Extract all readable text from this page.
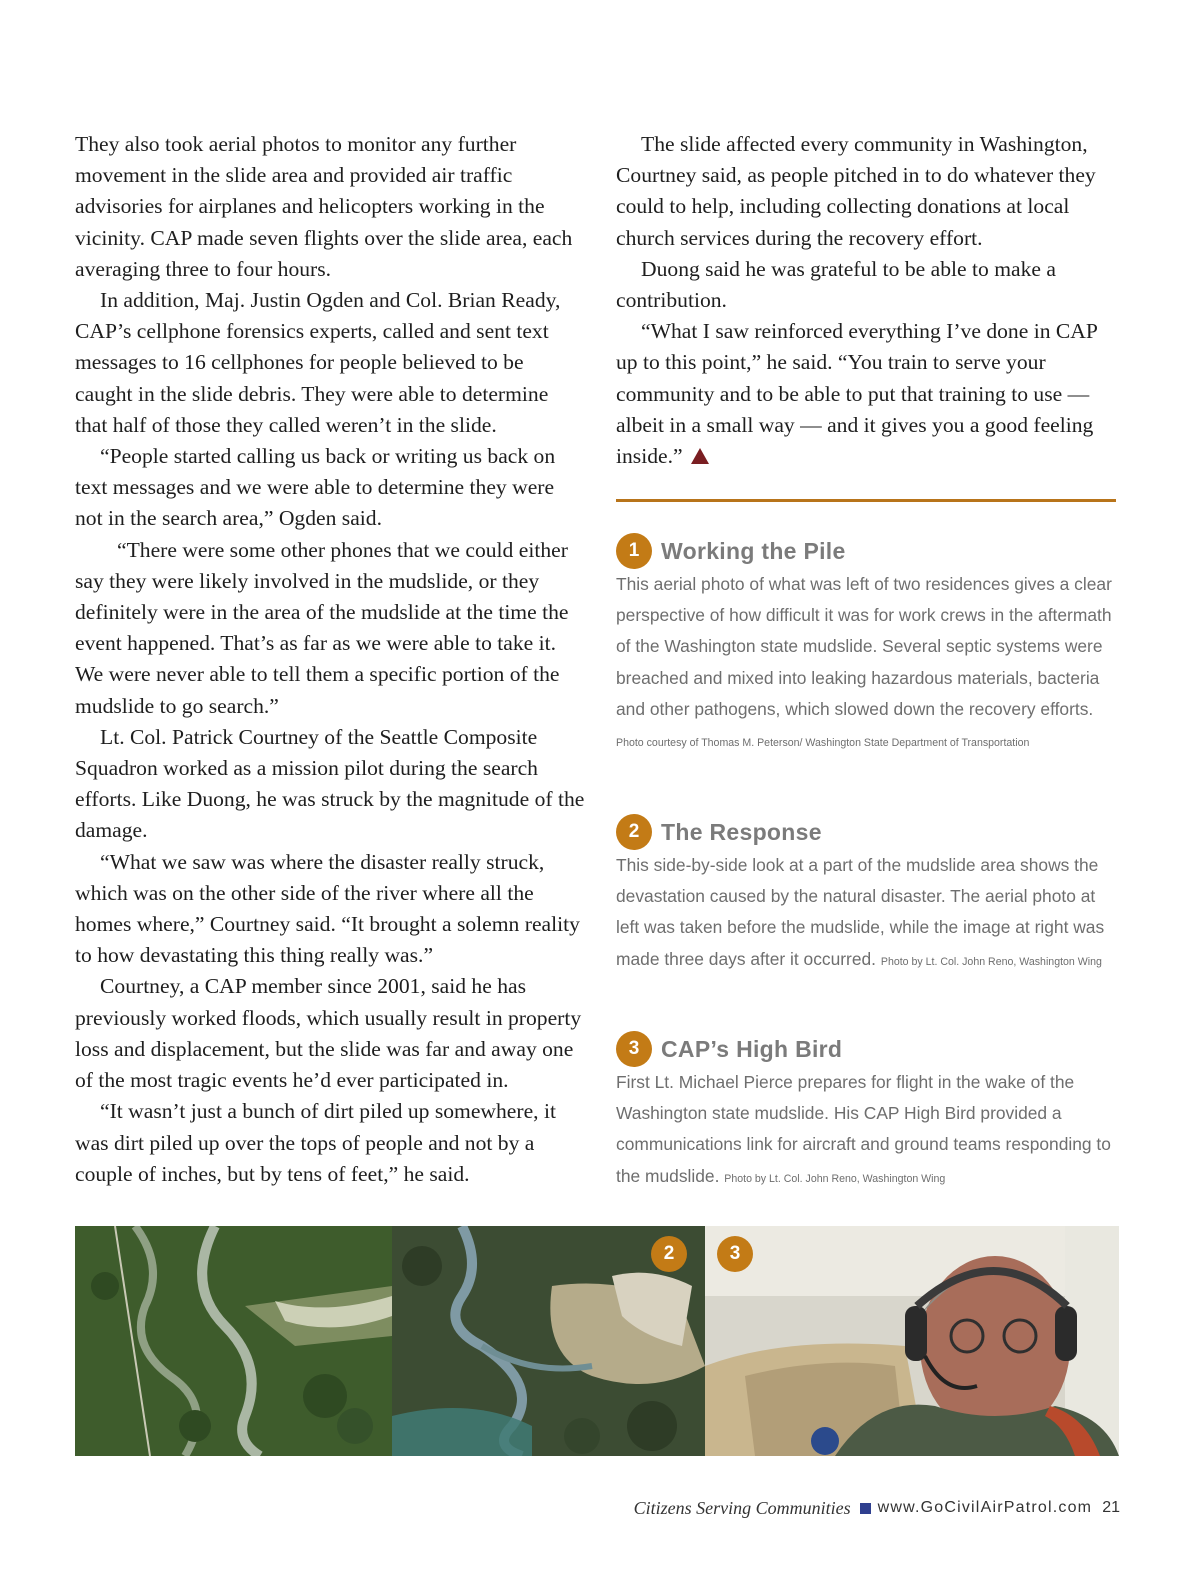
They also took aerial photos to monitor any further movement in the slide area and provided air traffic advisories for airplanes and helicopters working in the vicinity. CAP made seven flights over the slide area, each averaging three to four hours.

In addition, Maj. Justin Ogden and Col. Brian Ready, CAP’s cellphone forensics experts, called and sent text messages to 16 cellphones for people believed to be caught in the slide debris. They were able to determine that half of those they called weren’t in the slide.

“People started calling us back or writing us back on text messages and we were able to determine they were not in the search area,” Ogden said.

“There were some other phones that we could either say they were likely involved in the mudslide, or they definitely were in the area of the mudslide at the time the event happened. That’s as far as we were able to take it. We were never able to tell them a specific portion of the mudslide to go search.”

Lt. Col. Patrick Courtney of the Seattle Composite Squadron worked as a mission pilot during the search efforts. Like Duong, he was struck by the magnitude of the damage.

“What we saw was where the disaster really struck, which was on the other side of the river where all the homes where,” Courtney said. “It brought a solemn reality to how devastating this thing really was.”

Courtney, a CAP member since 2001, said he has previously worked floods, which usually result in property loss and displacement, but the slide was far and away one of the most tragic events he’d ever participated in.

“It wasn’t just a bunch of dirt piled up somewhere, it was dirt piled up over the tops of people and not by a couple of inches, but by tens of feet,” he said.

The slide affected every community in Washington, Courtney said, as people pitched in to do whatever they could to help, including collecting donations at local church services during the recovery effort.

Duong said he was grateful to be able to make a contribution.

“What I saw reinforced everything I’ve done in CAP up to this point,” he said. “You train to serve your community and to be able to put that training to use — albeit in a small way — and it gives you a good feeling inside.”

1 Working the Pile
This aerial photo of what was left of two residences gives a clear perspective of how difficult it was for work crews in the aftermath of the Washington state mudslide. Several septic systems were breached and mixed into leaking hazardous materials, bacteria and other pathogens, which slowed down the recovery efforts. Photo courtesy of Thomas M. Peterson/ Washington State Department of Transportation
2 The Response
This side-by-side look at a part of the mudslide area shows the devastation caused by the natural disaster. The aerial photo at left was taken before the mudslide, while the image at right was made three days after it occurred. Photo by Lt. Col. John Reno, Washington Wing
3 CAP’s High Bird
First Lt. Michael Pierce prepares for flight in the wake of the Washington state mudslide. His CAP High Bird provided a communications link for aircraft and ground teams responding to the mudslide. Photo by Lt. Col. John Reno, Washington Wing
2	3
Citizens Serving Communities www.GoCivilAirPatrol.com 21
